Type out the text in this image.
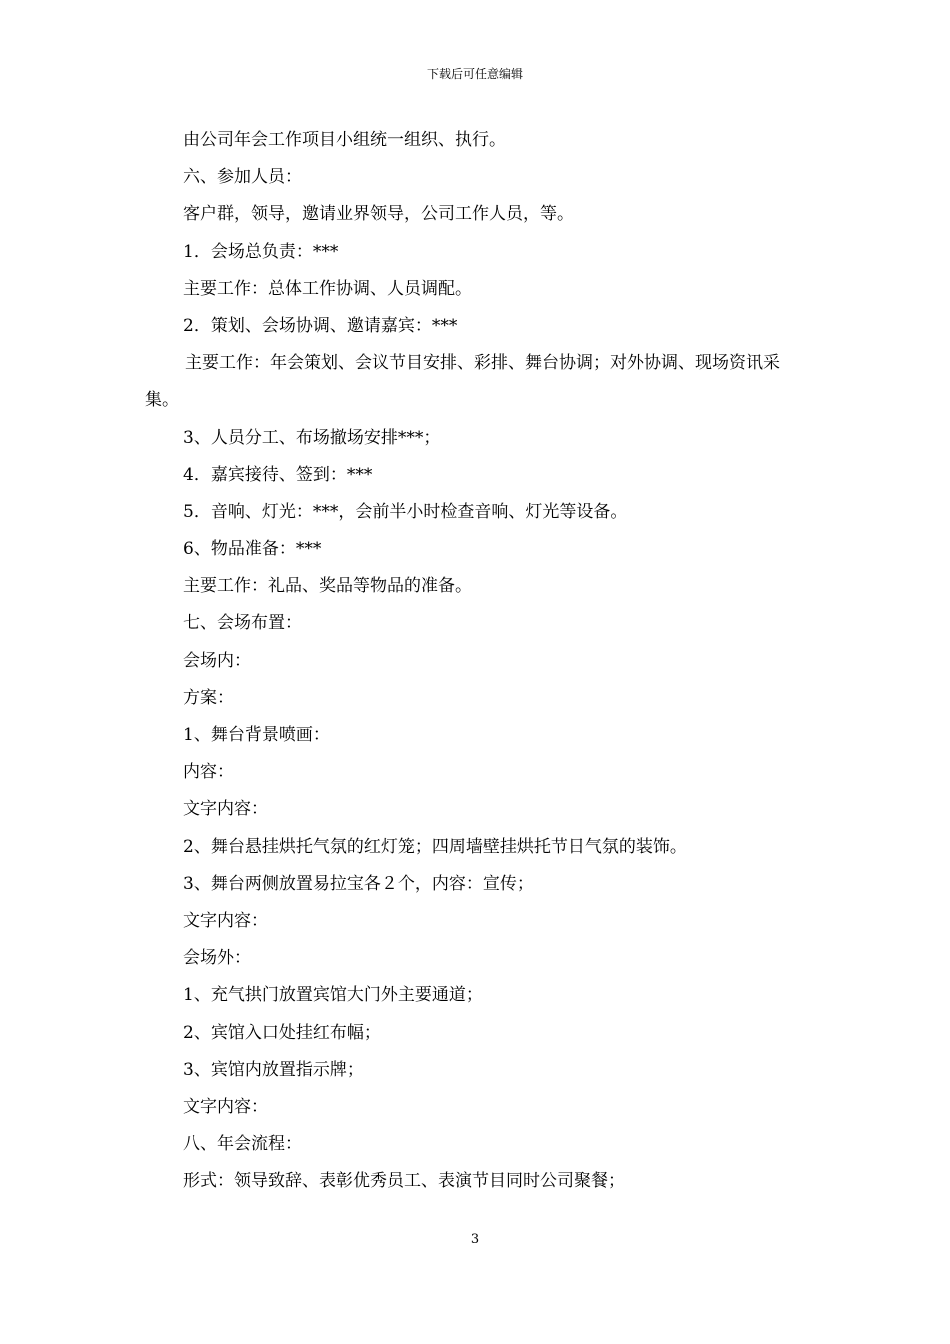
下载后可任意编辑
由公司年会工作项目小组统一组织、执行。
六、参加人员：
客户群，领导，邀请业界领导，公司工作人员，等。
1．会场总负责：***
主要工作：总体工作协调、人员调配。
2．策划、会场协调、邀请嘉宾：***
主要工作：年会策划、会议节目安排、彩排、舞台协调；对外协调、现场资讯采集。
3、人员分工、布场撤场安排***；
4．嘉宾接待、签到：***
5．音响、灯光：***，会前半小时检查音响、灯光等设备。
6、物品准备：***
主要工作：礼品、奖品等物品的准备。
七、会场布置：
会场内：
方案：
1、舞台背景喷画：
内容：
文字内容：
2、舞台悬挂烘托气氛的红灯笼；四周墙壁挂烘托节日气氛的装饰。
3、舞台两侧放置易拉宝各２个，内容：宣传；
文字内容：
会场外：
1、充气拱门放置宾馆大门外主要通道；
2、宾馆入口处挂红布幅；
3、宾馆内放置指示牌；
文字内容：
八、年会流程：
形式：领导致辞、表彰优秀员工、表演节目同时公司聚餐；
3
